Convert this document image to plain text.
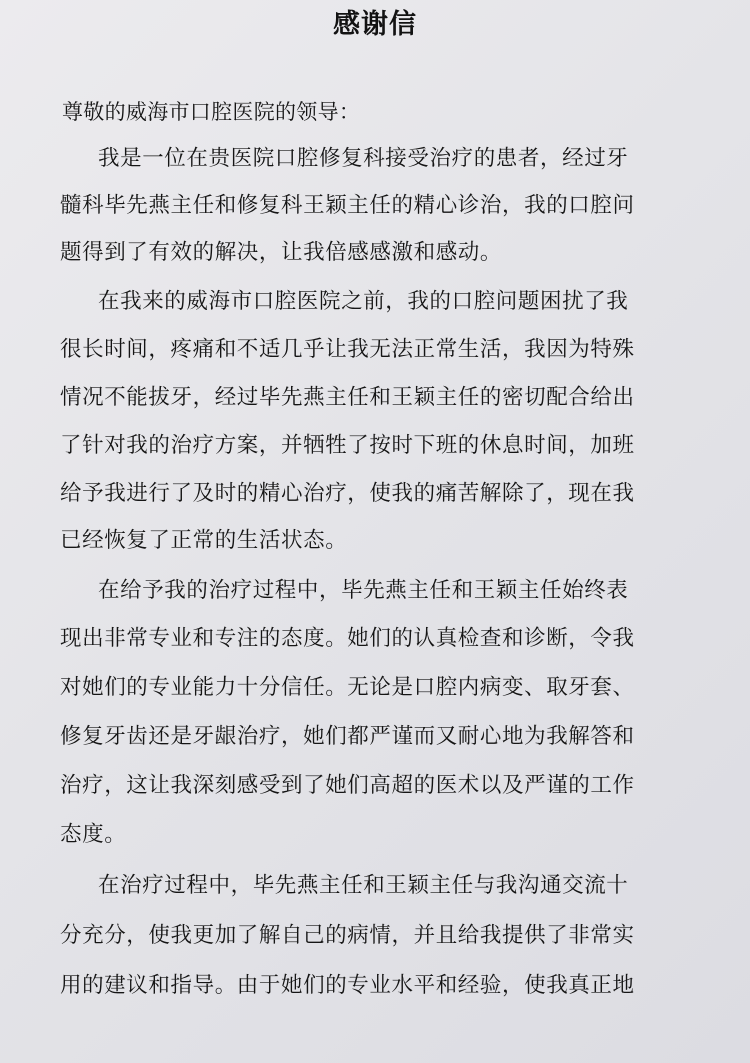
感谢信
尊敬的威海市口腔医院的领导：
我是一位在贵医院口腔修复科接受治疗的患者，经过牙
髓科毕先燕主任和修复科王颖主任的精心诊治，我的口腔问
题得到了有效的解决，让我倍感感激和感动。
在我来的威海市口腔医院之前，我的口腔问题困扰了我
很长时间，疼痛和不适几乎让我无法正常生活，我因为特殊
情况不能拔牙，经过毕先燕主任和王颖主任的密切配合给出
了针对我的治疗方案，并牺牲了按时下班的休息时间，加班
给予我进行了及时的精心治疗，使我的痛苦解除了，现在我
已经恢复了正常的生活状态。
在给予我的治疗过程中，毕先燕主任和王颖主任始终表
现出非常专业和专注的态度。她们的认真检查和诊断，令我
对她们的专业能力十分信任。无论是口腔内病变、取牙套、
修复牙齿还是牙龈治疗，她们都严谨而又耐心地为我解答和
治疗，这让我深刻感受到了她们高超的医术以及严谨的工作
态度。
在治疗过程中，毕先燕主任和王颖主任与我沟通交流十
分充分，使我更加了解自己的病情，并且给我提供了非常实
用的建议和指导。由于她们的专业水平和经验，使我真正地
